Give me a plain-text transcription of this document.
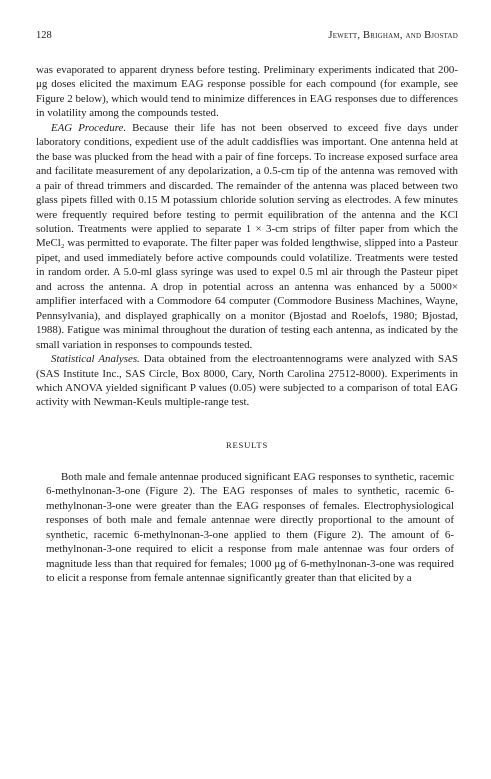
128	Jewett, Brigham, and Bjostad

was evaporated to apparent dryness before testing. Preliminary experiments indicated that 200-μg doses elicited the maximum EAG response possible for each compound (for example, see Figure 2 below), which would tend to minimize differences in EAG responses due to differences in volatility among the compounds tested.

EAG Procedure. Because their life has not been observed to exceed five days under laboratory conditions, expedient use of the adult caddisflies was important. One antenna held at the base was plucked from the head with a pair of fine forceps. To increase exposed surface area and facilitate measurement of any depolarization, a 0.5-cm tip of the antenna was removed with a pair of thread trimmers and discarded. The remainder of the antenna was placed between two glass pipets filled with 0.15 M potassium chloride solution serving as electrodes. A few minutes were frequently required before testing to permit equilibration of the antenna and the KCl solution. Treatments were applied to separate 1 × 3-cm strips of filter paper from which the MeCl₂ was permitted to evaporate. The filter paper was folded lengthwise, slipped into a Pasteur pipet, and used immediately before active compounds could volatilize. Treatments were tested in random order. A 5.0-ml glass syringe was used to expel 0.5 ml air through the Pasteur pipet and across the antenna. A drop in potential across an antenna was enhanced by a 5000× amplifier interfaced with a Commodore 64 computer (Commodore Business Machines, Wayne, Pennsylvania), and displayed graphically on a monitor (Bjostad and Roelofs, 1980; Bjostad, 1988). Fatigue was minimal throughout the duration of testing each antenna, as indicated by the small variation in responses to compounds tested.

Statistical Analyses. Data obtained from the electroantennograms were analyzed with SAS (SAS Institute Inc., SAS Circle, Box 8000, Cary, North Carolina 27512-8000). Experiments in which ANOVA yielded significant P values (0.05) were subjected to a comparison of total EAG activity with Newman-Keuls multiple-range test.

RESULTS

Both male and female antennae produced significant EAG responses to synthetic, racemic 6-methylnonan-3-one (Figure 2). The EAG responses of males to synthetic, racemic 6-methylnonan-3-one were greater than the EAG responses of females. Electrophysiological responses of both male and female antennae were directly proportional to the amount of synthetic, racemic 6-methylnonan-3-one applied to them (Figure 2). The amount of 6-methylnonan-3-one required to elicit a response from male antennae was four orders of magnitude less than that required for females; 1000 μg of 6-methylnonan-3-one was required to elicit a response from female antennae significantly greater than that elicited by a
